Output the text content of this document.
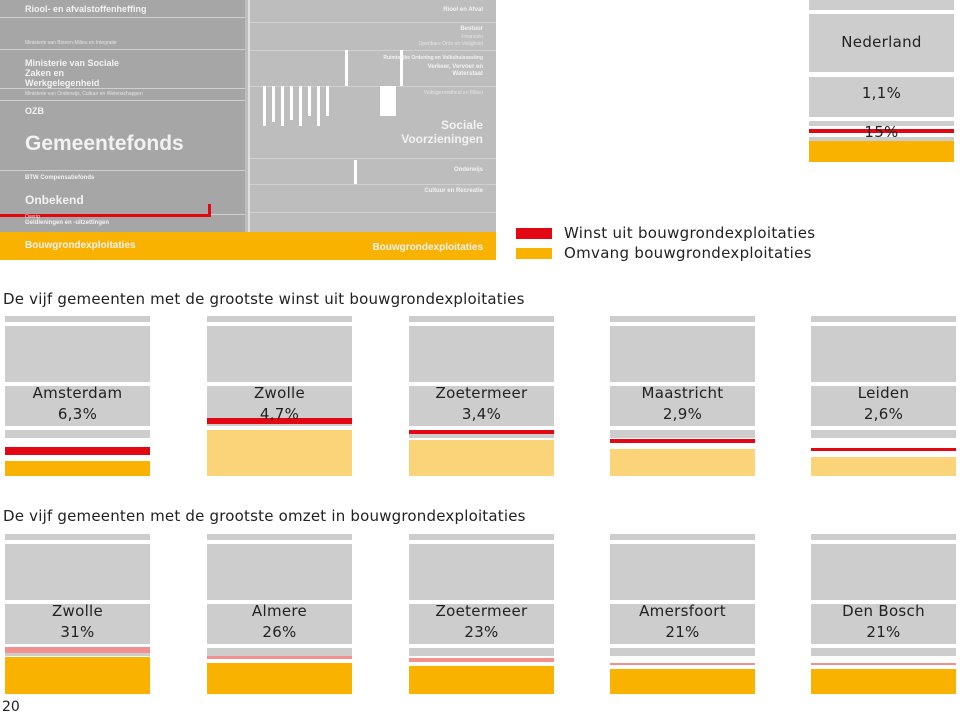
Riool- en afvalstoffenheffing
Ministerie van Binnen-Milieu en Integratie
Ministerie van Sociale Zaken en Werkgelegenheid
Ministerie van Onderwijs, Cultuur en Wetenschappen
OZB
Gemeentefonds
BTW Compensatiefonds
Onbekend
Overig
Geldleningen en -uitzettingen
Bouwgrondexploitaties
Riool en Afval
Bestuur
Financiën
Openbare Orde en Veiligheid
Ruimtelijke Ordening en Volkshuisvesting
Verkeer, Vervoer en Waterstaat
Volksgezondheid en Milieu
Sociale Voorzieningen
Onderwijs
Cultuur en Recreatie
Bouwgrondexploitaties
Winst uit bouwgrondexploitaties
Omvang bouwgrondexploitaties
Nederland
1,1%
15%
De vijf gemeenten met de grootste winst uit bouwgrondexploitaties
Amsterdam
6,3%
Zwolle
4,7%
Zoetermeer
3,4%
Maastricht
2,9%
Leiden
2,6%
De vijf gemeenten met de grootste omzet in bouwgrondexploitaties
Zwolle
31%
Almere
26%
Zoetermeer
23%
Amersfoort
21%
Den Bosch
21%
20
